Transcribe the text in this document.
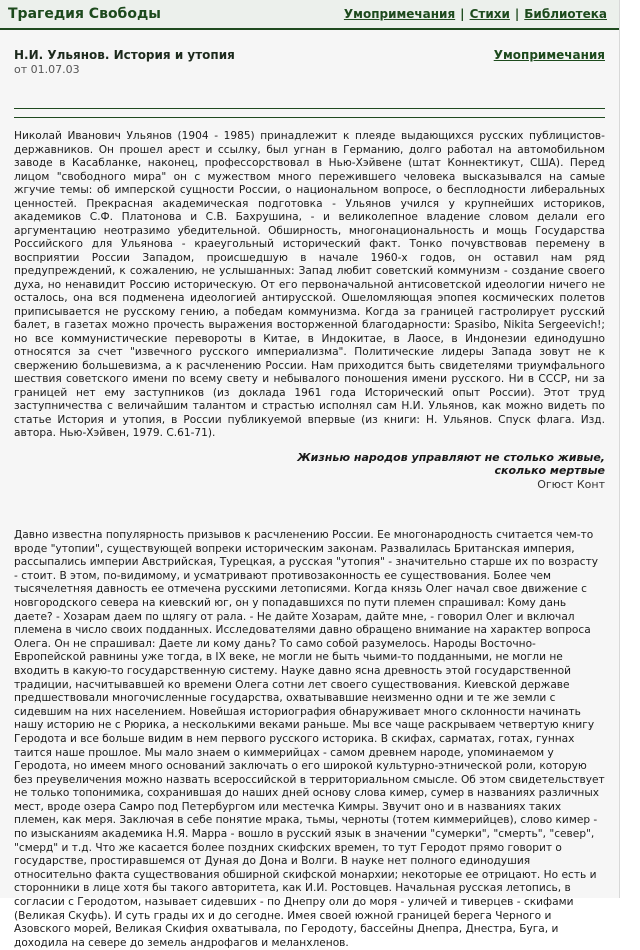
Трагедия Свободы	Умопримечания | Стихи | Библиотека
Н.И. Ульянов. История и утопия
от 01.07.03
Умопримечания
Николай Иванович Ульянов (1904 - 1985) принадлежит к плеяде выдающихся русских публицистов-державников. Он прошел арест и ссылку, был угнан в Германию, долго работал на автомобильном заводе в Касабланке, наконец, профессорствовал в Нью-Хэйвене (штат Коннектикут, США). Перед лицом "свободного мира" он с мужеством много пережившего человека высказывался на самые жгучие темы: об имперской сущности России, о национальном вопросе, о бесплодности либеральных ценностей. Прекрасная академическая подготовка - Ульянов учился у крупнейших историков, академиков С.Ф. Платонова и С.В. Бахрушина, - и великолепное владение словом делали его аргументацию неотразимо убедительной. Обширность, многонациональность и мощь Государства Российского для Ульянова - краеугольный исторический факт. Тонко почувствовав перемену в восприятии России Западом, происшедшую в начале 1960-х годов, он оставил нам ряд предупреждений, к сожалению, не услышанных: Запад любит советский коммунизм - создание своего духа, но ненавидит Россию историческую. От его первоначальной антисоветской идеологии ничего не осталось, она вся подменена идеологией антирусской. Ошеломляющая эпопея космических полетов приписывается не русскому гению, а победам коммунизма. Когда за границей гастролирует русский балет, в газетах можно прочесть выражения восторженной благодарности: Spasibo, Nikita Sergeevich!; но все коммунистические перевороты в Китае, в Индокитае, в Лаосе, в Индонезии единодушно относятся за счет "извечного русского империализма". Политические лидеры Запада зовут не к свержению большевизма, а к расчленению России. Нам приходится быть свидетелями триумфального шествия советского имени по всему свету и небывалого поношения имени русского. Ни в СССР, ни за границей нет ему заступников (из доклада 1961 года Исторический опыт России). Этот труд заступничества с величайшим талантом и страстью исполнял сам Н.И. Ульянов, как можно видеть по статье История и утопия, в России публикуемой впервые (из книги: Н. Ульянов. Спуск флага. Изд. автора. Нью-Хэйвен, 1979. С.61-71).
Жизнью народов управляют не столько живые,
сколько мертвые
Огюст Конт
Давно известна популярность призывов к расчленению России. Ее многонародность считается чем-то вроде "утопии", существующей вопреки историческим законам. Развалилась Британская империя, рассыпались империи Австрийская, Турецкая, а русская "утопия" - значительно старше их по возрасту - стоит. В этом, по-видимому, и усматривают противозаконность ее существования. Более чем тысячелетняя давность ее отмечена русскими летописями. Когда князь Олег начал свое движение с новгородского севера на киевский юг, он у попадавшихся по пути племен спрашивал: Кому дань даете? - Хозарам даем по щлягу от рала. - Не дайте Хозарам, дайте мне, - говорил Олег и включал племена в число своих подданных. Исследователями давно обращено внимание на характер вопроса Олега. Он не спрашивал: Даете ли кому дань? То само собой разумелось. Народы Восточно-Европейской равнины уже тогда, в IX веке, не могли не быть чьими-то подданными, не могли не входить в какую-то государственную систему. Науке давно ясна древность этой государственной традиции, насчитывавшей ко времени Олега сотни лет своего существования. Киевской державе предшествовали многочисленные государства, охватывавшие неизменно одни и те же земли с сидевшим на них населением. Новейшая историография обнаруживает много склонности начинать нашу историю не с Рюрика, а несколькими веками раньше. Мы все чаще раскрываем четвертую книгу Геродота и все больше видим в нем первого русского историка. В скифах, сарматах, готах, гуннах таится наше прошлое. Мы мало знаем о киммерийцах - самом древнем народе, упоминаемом у Геродота, но имеем много оснований заключать о его широкой культурно-этнической роли, которую без преувеличения можно назвать всероссийской в территориальном смысле. Об этом свидетельствует не только топонимика, сохранившая до наших дней основу слова кимер, сумер в названиях различных мест, вроде озера Самро под Петербургом или местечка Кимры. Звучит оно и в названиях таких племен, как меря. Заключая в себе понятие мрака, тьмы, черноты (тотем киммерийцев), слово кимер - по изысканиям академика Н.Я. Марра - вошло в русский язык в значении "сумерки", "смерть", "север", "смерд" и т.д. Что же касается более поздних скифских времен, то тут Геродот прямо говорит о государстве, простиравшемся от Дуная до Дона и Волги. В науке нет полного единодушия относительно факта существования обширной скифской монархии; некоторые ее отрицают. Но есть и сторонники в лице хотя бы такого авторитета, как И.И. Ростовцев. Начальная русская летопись, в согласии с Геродотом, называет сидевших - по Днепру оли до моря - уличей и тиверцев - скифами (Великая Скуфь). И суть грады их и до сегодне. Имея своей южной границей берега Черного и Азовского морей, Великая Скифия охватывала, по Геродоту, бассейны Днепра, Днестра, Буга, и доходила на севере до земель андрофагов и меланхленов.
